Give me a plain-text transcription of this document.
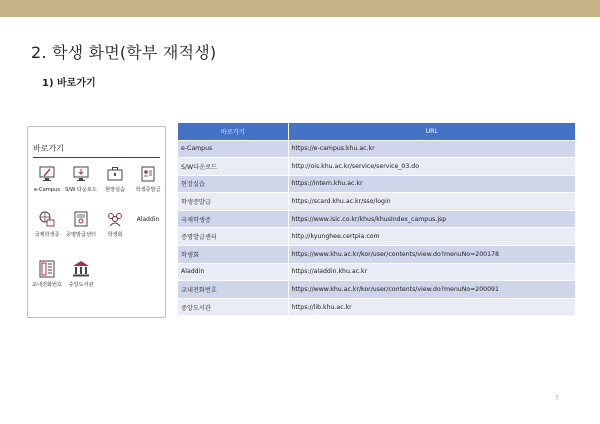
2. 학생 화면(학부 재적생)
1) 바로가기
바로가기
e-Campus S/W 다운로드	현장실습	학생증발급
국제학생증	증명발급센터	학생회
Aladdin
교내전화번호	중앙도서관
바로가기	URL
e-Campus	https://e-campus.khu.ac.kr
S/W다운로드	http://ois.khu.ac.kr/service/service_03.do
현장실습	https://intern.khu.ac.kr
학생증발급	https://scard.khu.ac.kr/sso/login
국제학생증	https://www.isic.co.kr/khus/khusIndex_campus.jsp
증명발급센터	http://kyunghee.certpia.com
학생회	https://www.khu.ac.kr/kor/user/contents/view.do?menuNo=200178
Aladdin	https://aladdin.khu.ac.kr
교내전화번호	https://www.khu.ac.kr/kor/user/contents/view.do?menuNo=200091
중앙도서관	https://lib.khu.ac.kr
7
